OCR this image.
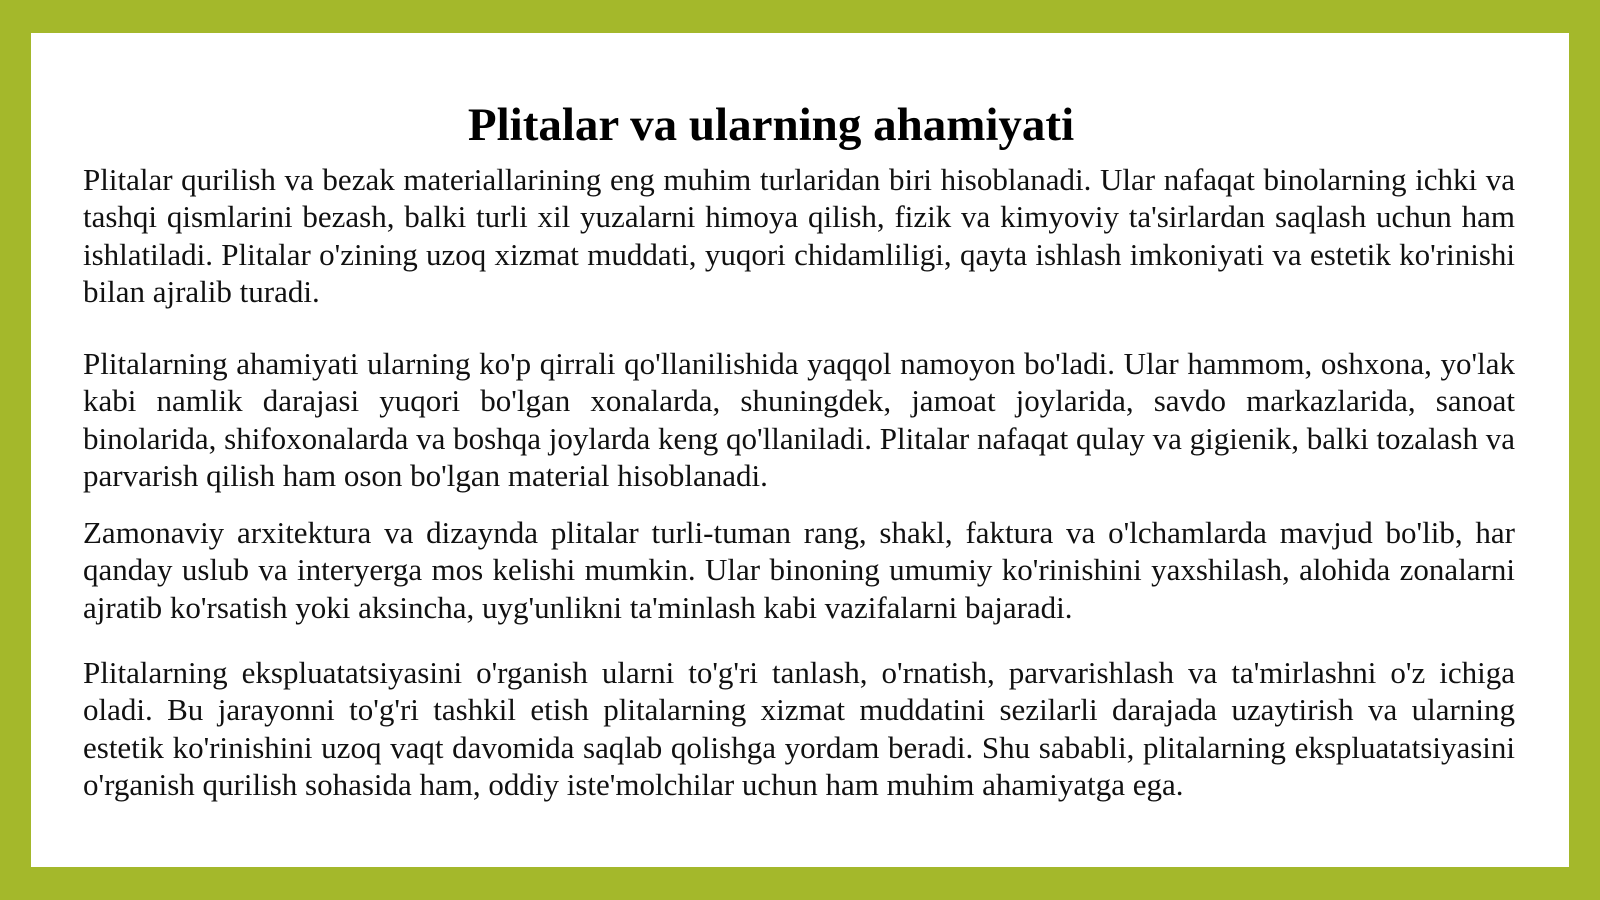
Plitalar va ularning ahamiyati

Plitalar qurilish va bezak materiallarining eng muhim turlaridan biri hisoblanadi. Ular nafaqat binolarning ichki va tashqi qismlarini bezash, balki turli xil yuzalarni himoya qilish, fizik va kimyoviy ta'sirlardan saqlash uchun ham ishlatiladi. Plitalar o'zining uzoq xizmat muddati, yuqori chidamliligi, qayta ishlash imkoniyati va estetik ko'rinishi bilan ajralib turadi.

Plitalarning ahamiyati ularning ko'p qirrali qo'llanilishida yaqqol namoyon bo'ladi. Ular hammom, oshxona, yo'lak kabi namlik darajasi yuqori bo'lgan xonalarda, shuningdek, jamoat joylarida, savdo markazlarida, sanoat binolarida, shifoxonalarda va boshqa joylarda keng qo'llaniladi. Plitalar nafaqat qulay va gigienik, balki tozalash va parvarish qilish ham oson bo'lgan material hisoblanadi.

Zamonaviy arxitektura va dizaynda plitalar turli-tuman rang, shakl, faktura va o'lchamlarda mavjud bo'lib, har qanday uslub va interyerga mos kelishi mumkin. Ular binoning umumiy ko'rinishini yaxshilash, alohida zonalarni ajratib ko'rsatish yoki aksincha, uyg'unlikni ta'minlash kabi vazifalarni bajaradi.

Plitalarning ekspluatatsiyasini o'rganish ularni to'g'ri tanlash, o'rnatish, parvarishlash va ta'mirlashni o'z ichiga oladi. Bu jarayonni to'g'ri tashkil etish plitalarning xizmat muddatini sezilarli darajada uzaytirish va ularning estetik ko'rinishini uzoq vaqt davomida saqlab qolishga yordam beradi. Shu sababli, plitalarning ekspluatatsiyasini o'rganish qurilish sohasida ham, oddiy iste'molchilar uchun ham muhim ahamiyatga ega.
